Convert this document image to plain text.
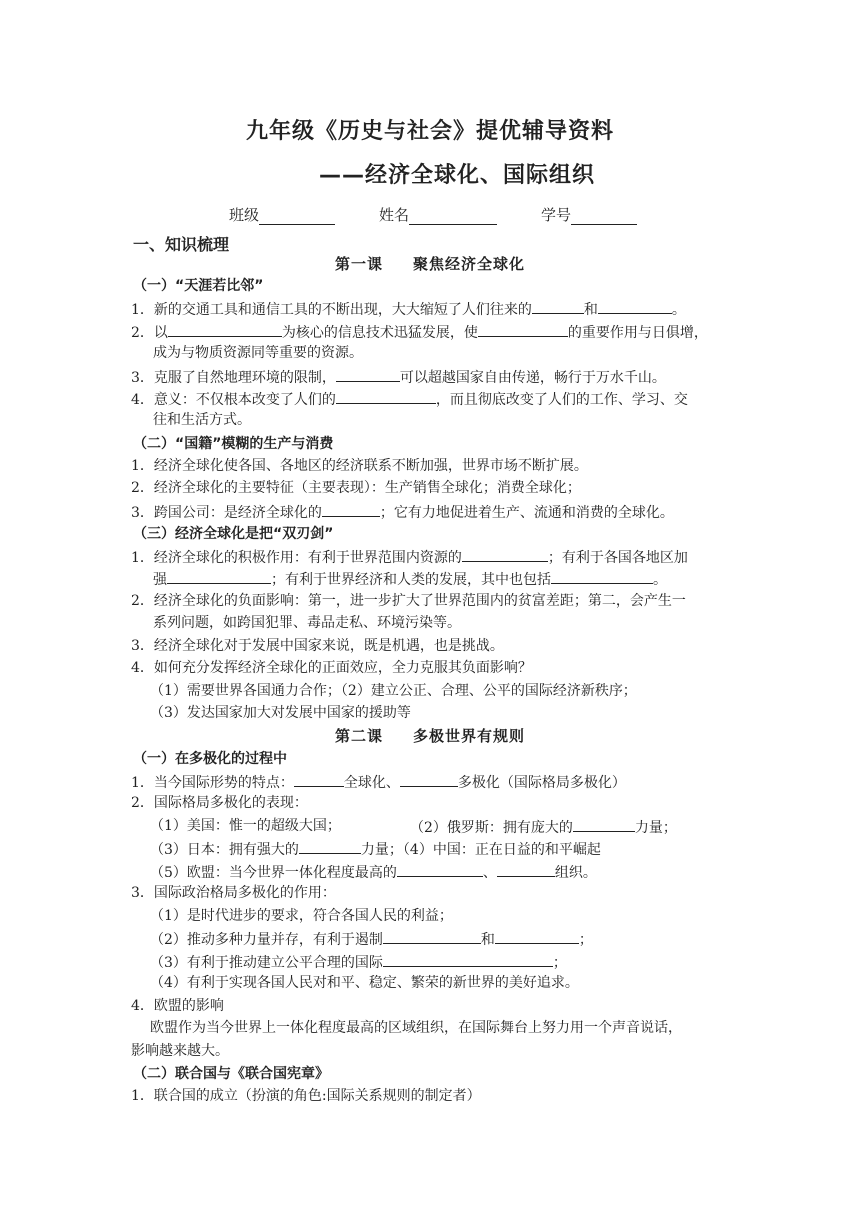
九年级《历史与社会》提优辅导资料
——经济全球化、国际组织
班级	姓名	学号
一、知识梳理
第一课 聚焦经济全球化
（一）“天涯若比邻”
1．新的交通工具和通信工具的不断出现，大大缩短了人们往来的	和	。
2．以	为核心的信息技术迅猛发展，使	的重要作用与日俱增，
成为与物质资源同等重要的资源。
3．克服了自然地理环境的限制，	可以超越国家自由传递，畅行于万水千山。
4．意义：不仅根本改变了人们的	，而且彻底改变了人们的工作、学习、交
往和生活方式。
（二）“国籍”模糊的生产与消费
1．经济全球化使各国、各地区的经济联系不断加强，世界市场不断扩展。
2．经济全球化的主要特征（主要表现）：生产销售全球化；消费全球化；
3．跨国公司：是经济全球化的	；它有力地促进着生产、流通和消费的全球化。
（三）经济全球化是把“双刃剑”
1．经济全球化的积极作用：有利于世界范围内资源的	；有利于各国各地区加
强	；有利于世界经济和人类的发展，其中也包括	。
2．经济全球化的负面影响：第一，进一步扩大了世界范围内的贫富差距；第二，会产生一
系列问题，如跨国犯罪、毒品走私、环境污染等。
3．经济全球化对于发展中国家来说，既是机遇，也是挑战。
4．如何充分发挥经济全球化的正面效应，全力克服其负面影响？
（1）需要世界各国通力合作；（2）建立公正、合理、公平的国际经济新秩序；
（3）发达国家加大对发展中国家的援助等
第二课 多极世界有规则
（一）在多极化的过程中
1．当今国际形势的特点：	全球化、	多极化（国际格局多极化）
2．国际格局多极化的表现：
（1）美国：惟一的超级大国；	（2）俄罗斯：拥有庞大的	力量；
（3）日本：拥有强大的	力量；（4）中国：正在日益的和平崛起
（5）欧盟：当今世界一体化程度最高的	、	组织。
3．国际政治格局多极化的作用：
（1）是时代进步的要求，符合各国人民的利益；
（2）推动多种力量并存，有利于遏制	和	；
（3）有利于推动建立公平合理的国际	；
（4）有利于实现各国人民对和平、稳定、繁荣的新世界的美好追求。
4．欧盟的影响
欧盟作为当今世界上一体化程度最高的区域组织，在国际舞台上努力用一个声音说话，
影响越来越大。
（二）联合国与《联合国宪章》
1．联合国的成立（扮演的角色:国际关系规则的制定者）
